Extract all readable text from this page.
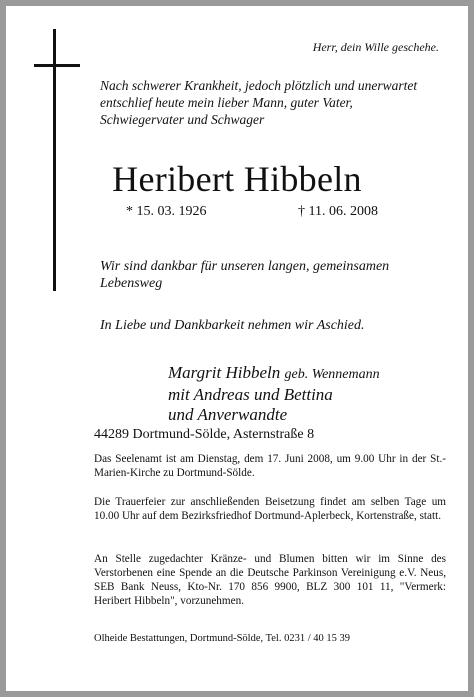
Herr, dein Wille geschehe.
Nach schwerer Krankheit, jedoch plötzlich und unerwartet entschlief heute mein lieber Mann, guter Vater, Schwiegervater und Schwager
Heribert Hibbeln
* 15. 03. 1926	† 11. 06. 2008
Wir sind dankbar für unseren langen, gemeinsamen Lebensweg
In Liebe und Dankbarkeit nehmen wir Aschied.
Margrit Hibbeln geb. Wennemann
mit Andreas und Bettina
und Anverwandte
44289 Dortmund-Sölde, Asternstraße 8
Das Seelenamt ist am Dienstag, dem 17. Juni 2008, um 9.00 Uhr in der St.-Marien-Kirche zu Dortmund-Sölde.
Die Trauerfeier zur anschließenden Beisetzung findet am selben Tage um 10.00 Uhr auf dem Bezirksfriedhof Dortmund-Aplerbeck, Kortenstraße, statt.
An Stelle zugedachter Kränze- und Blumen bitten wir im Sinne des Verstorbenen eine Spende an die Deutsche Parkinson Vereinigung e.V. Neus, SEB Bank Neuss, Kto-Nr. 170 856 9900, BLZ 300 101 11, "Vermerk: Heribert Hibbeln", vorzunehmen.
Olheide Bestattungen, Dortmund-Sölde, Tel. 0231 / 40 15 39
